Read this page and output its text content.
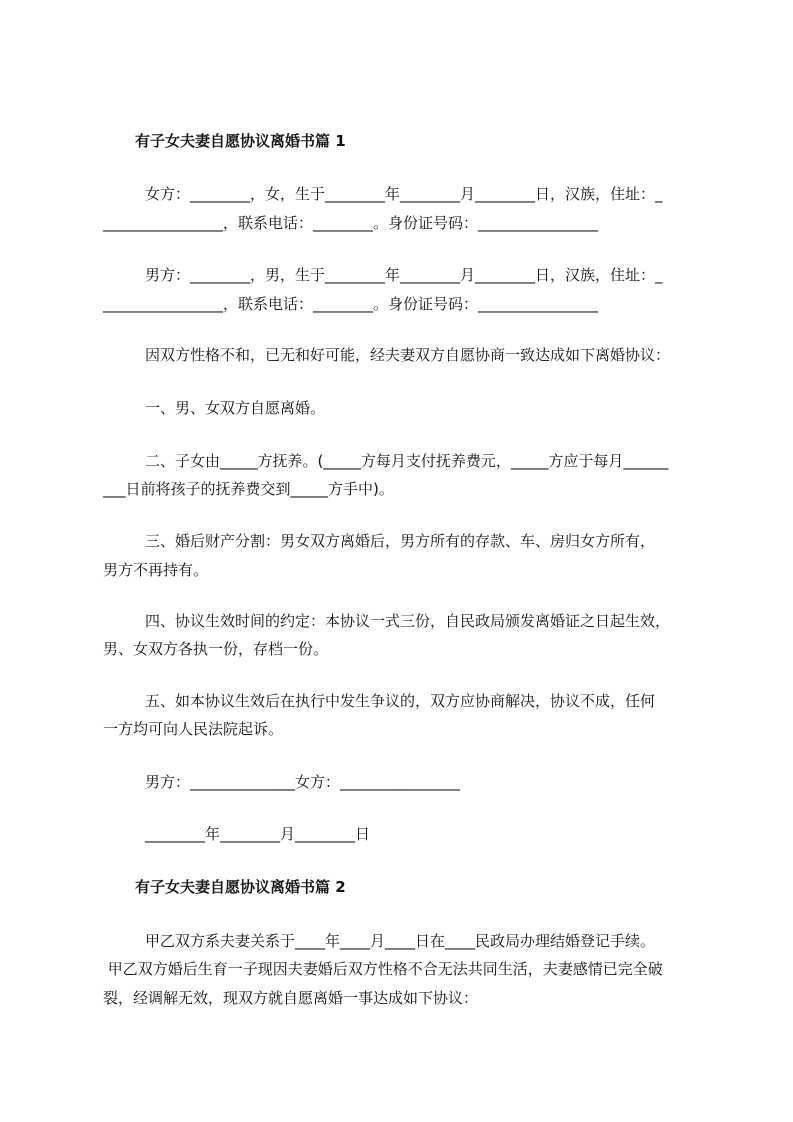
有子女夫妻自愿协议离婚书篇 1
女方：________，女，生于________年________月________日，汉族，住址：_
________________，联系电话：________。身份证号码：________________
男方：________，男，生于________年________月________日，汉族，住址：_
________________，联系电话：________。身份证号码：________________
因双方性格不和，已无和好可能，经夫妻双方自愿协商一致达成如下离婚协议：
一、男、女双方自愿离婚。
二、子女由_____方抚养。(_____方每月支付抚养费元，_____方应于每月______
___日前将孩子的抚养费交到_____方手中)。
三、婚后财产分割：男女双方离婚后，男方所有的存款、车、房归女方所有，
男方不再持有。
四、协议生效时间的约定：本协议一式三份，自民政局颁发离婚证之日起生效，
男、女双方各执一份，存档一份。
五、如本协议生效后在执行中发生争议的，双方应协商解决，协议不成，任何
一方均可向人民法院起诉。
男方：______________女方：________________
________年________月________日
有子女夫妻自愿协议离婚书篇 2
甲乙双方系夫妻关系于____年____月____日在____民政局办理结婚登记手续。
甲乙双方婚后生育一子现因夫妻婚后双方性格不合无法共同生活，夫妻感情已完全破
裂，经调解无效，现双方就自愿离婚一事达成如下协议：
